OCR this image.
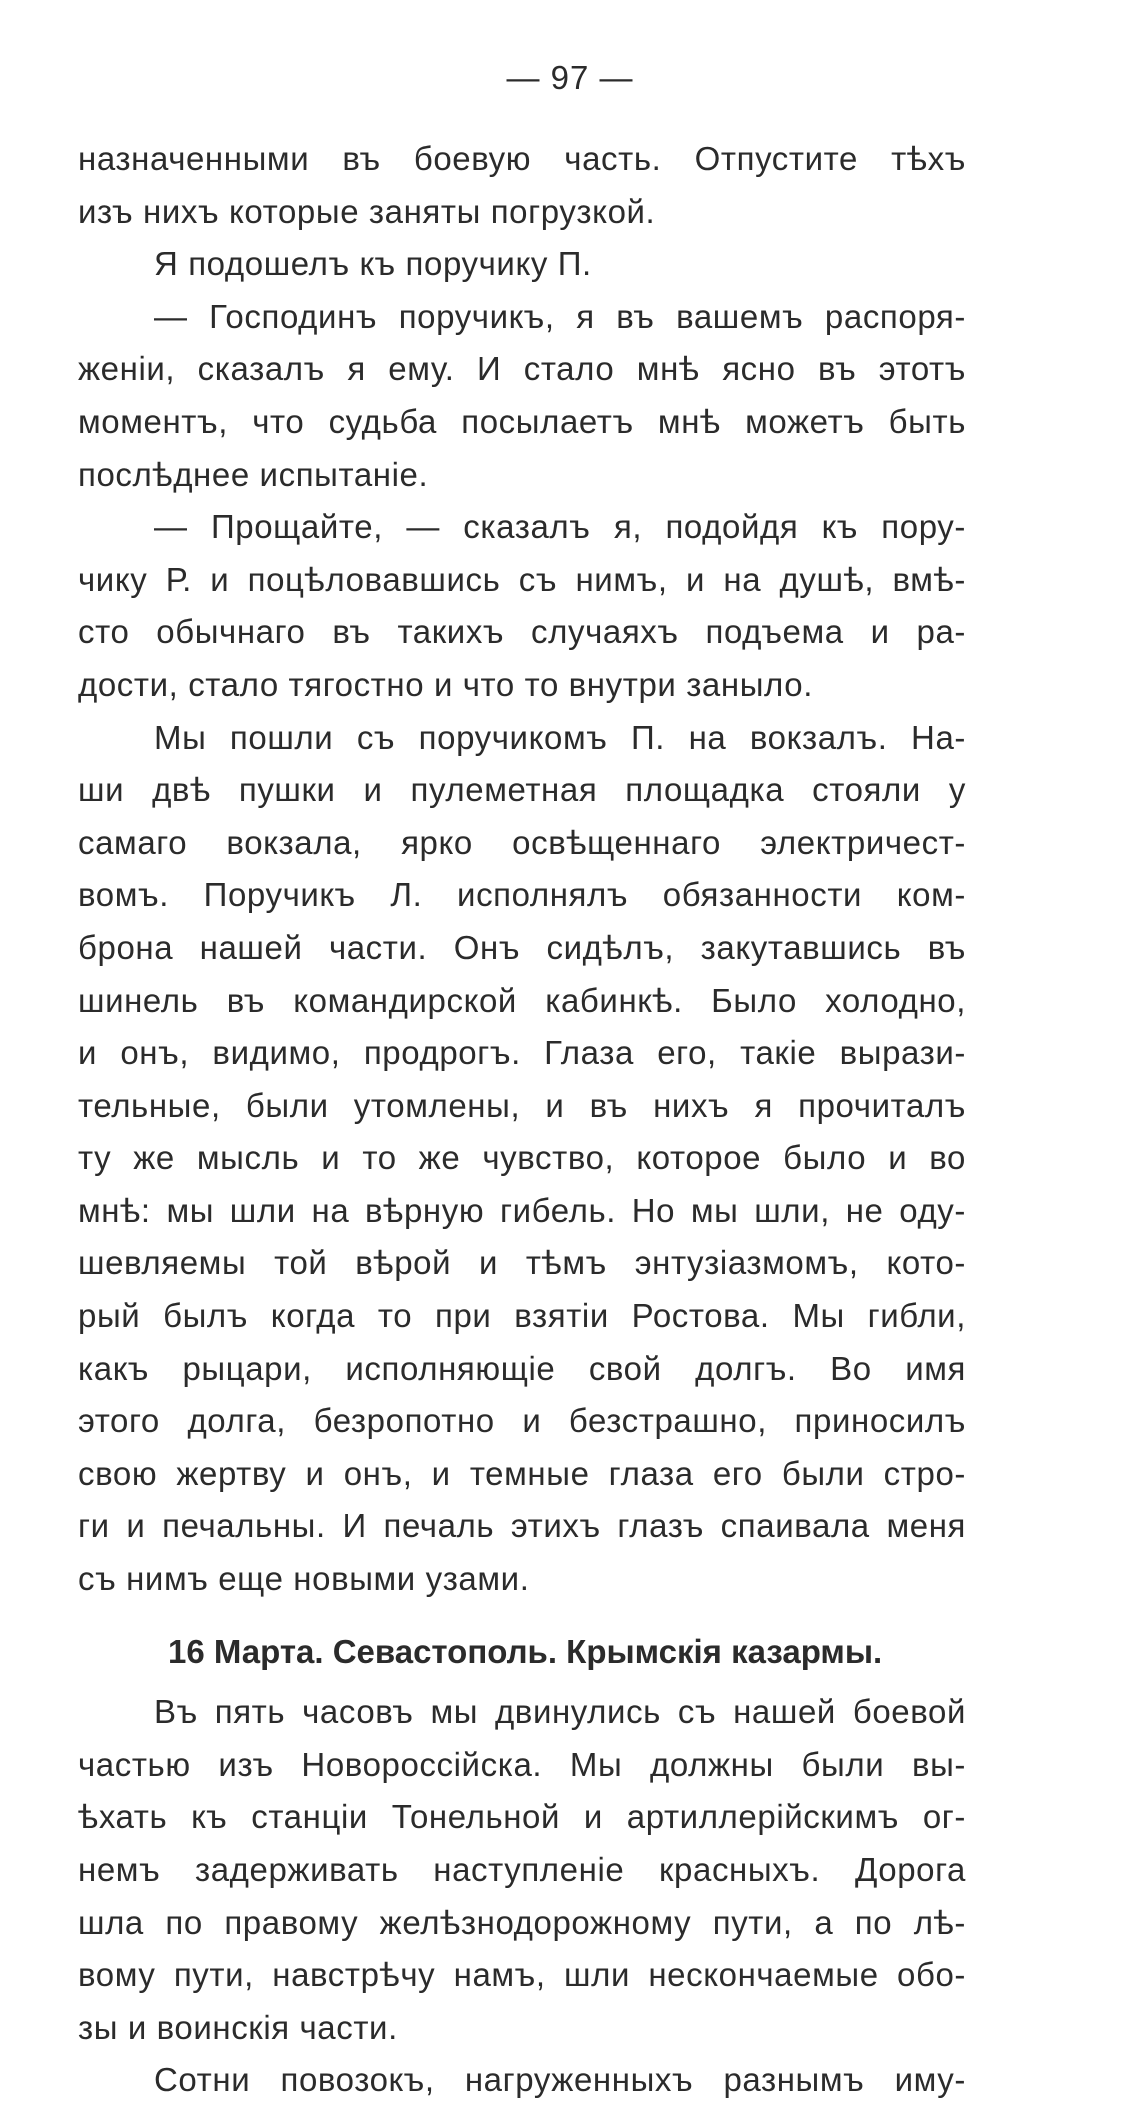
— 97 —
назначенными въ боевую часть. Отпустите тѣхъ
изъ нихъ которые заняты погрузкой.
Я подошелъ къ поручику П.
— Господинъ поручикъ, я въ вашемъ распоря-
женіи, сказалъ я ему. И стало мнѣ ясно въ этотъ
моментъ, что судьба посылаетъ мнѣ можетъ быть
послѣднее испытаніе.
— Прощайте, — сказалъ я, подойдя къ пору-
чику Р. и поцѣловавшись съ нимъ, и на душѣ, вмѣ-
сто обычнаго въ такихъ случаяхъ подъема и ра-
дости, стало тягостно и что то внутри заныло.
Мы пошли съ поручикомъ П. на вокзалъ. На-
ши двѣ пушки и пулеметная площадка стояли у
самаго вокзала, ярко освѣщеннаго электричест-
вомъ. Поручикъ Л. исполнялъ обязанности ком-
брона нашей части. Онъ сидѣлъ, закутавшись въ
шинель въ командирской кабинкѣ. Было холодно,
и онъ, видимо, продрогъ. Глаза его, такіе вырази-
тельные, были утомлены, и въ нихъ я прочиталъ
ту же мысль и то же чувство, которое было и во
мнѣ: мы шли на вѣрную гибель. Но мы шли, не оду-
шевляемы той вѣрой и тѣмъ энтузіазмомъ, кото-
рый былъ когда то при взятіи Ростова. Мы гибли,
какъ рыцари, исполняющіе свой долгъ. Во имя
этого долга, безропотно и безстрашно, приносилъ
свою жертву и онъ, и темные глаза его были стро-
ги и печальны. И печаль этихъ глазъ спаивала меня
съ нимъ еще новыми узами.
16 Марта. Севастополь. Крымскія казармы.
Въ пять часовъ мы двинулись съ нашей боевой
частью изъ Новороссійска. Мы должны были вы-
ѣхать къ станціи Тонельной и артиллерійскимъ ог-
немъ задерживать наступленіе красныхъ. Дорога
шла по правому желѣзнодорожному пути, а по лѣ-
вому пути, навстрѣчу намъ, шли нескончаемые обо-
зы и воинскія части.
Сотни повозокъ, нагруженныхъ разнымъ иму-
